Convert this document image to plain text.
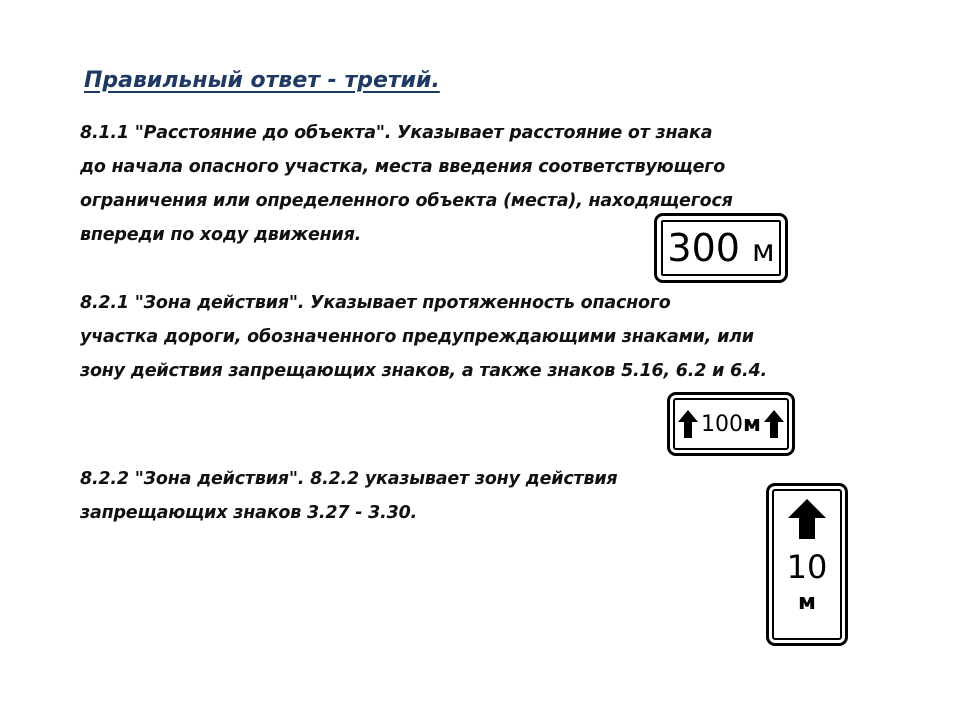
Правильный ответ - третий.
8.1.1 "Расстояние до объекта". Указывает расстояние от знака
до начала опасного участка, места введения соответствующего
ограничения или определенного объекта (места), находящегося
впереди по ходу движения.	300 м
8.2.1 "Зона действия". Указывает протяженность опасного
участка дороги, обозначенного предупреждающими знаками, или
зону действия запрещающих знаков, а также знаков 5.16, 6.2 и 6.4.
100 м
8.2.2 "Зона действия". 8.2.2 указывает зону действия
запрещающих знаков 3.27 - 3.30.
10
м
